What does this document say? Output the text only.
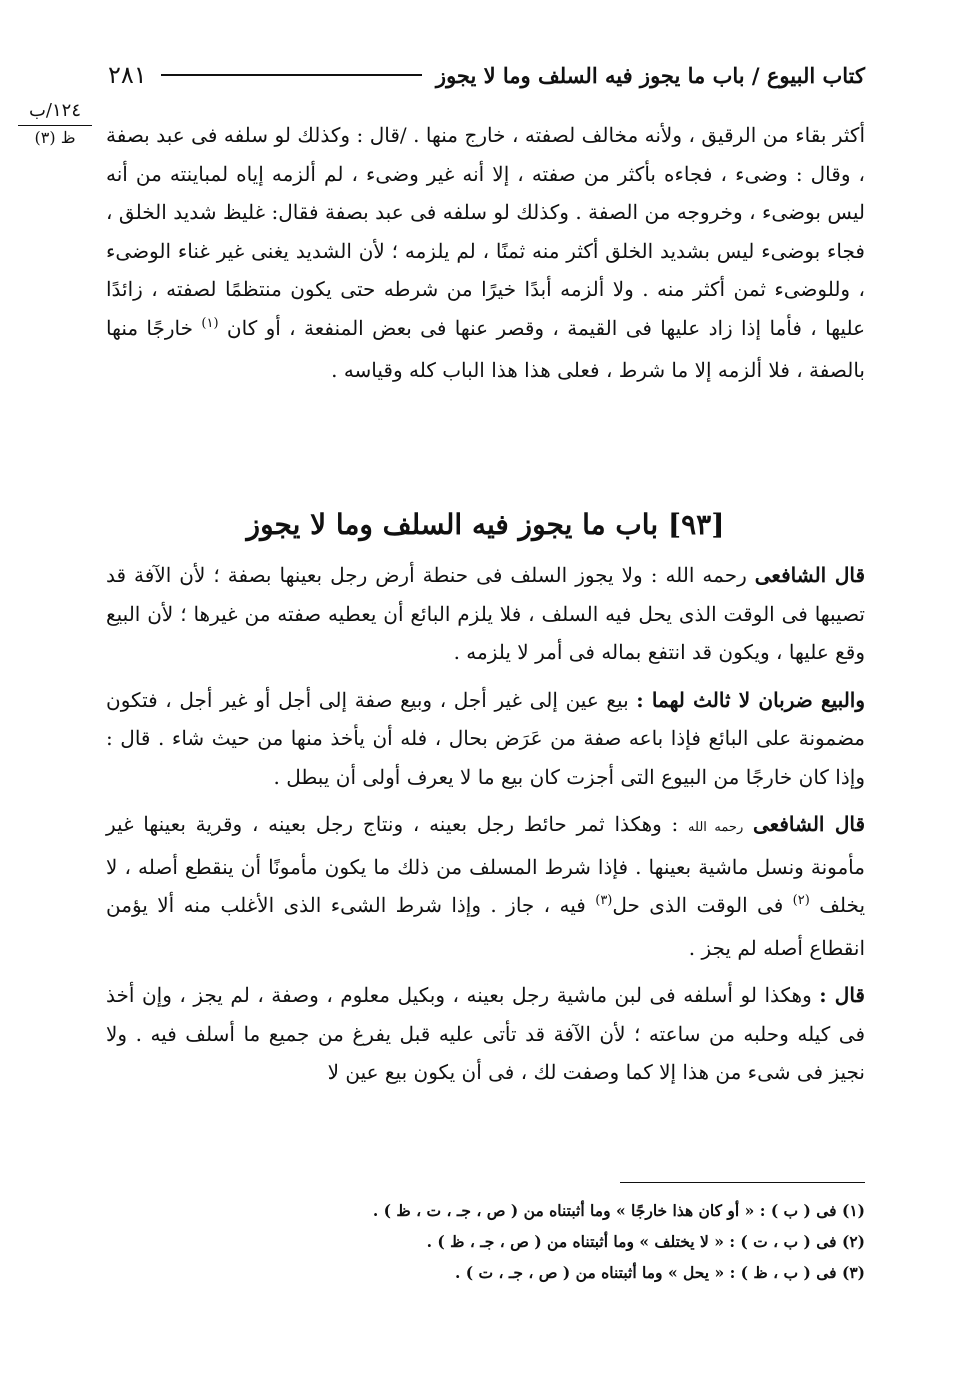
كتاب البيوع / باب ما يجوز فيه السلف وما لا يجوز
٢٨١
١٢٤/ب
ظ (٣)	أكثر بقاء من الرقيق ، ولأنه مخالف لصفته ، خارج منها . /قال : وكذلك لو سلفه فى عبد بصفة ، وقال : وضىء ، فجاءه بأكثر من صفته ، إلا أنه غير وضىء ، لم ألزمه إياه لمباينته من أنه ليس بوضىء ، وخروجه من الصفة . وكذلك لو سلفه فى عبد بصفة فقال: غليظ شديد الخلق ، فجاء بوضىء ليس بشديد الخلق أكثر منه ثمنًا ، لم يلزمه ؛ لأن الشديد يغنى غير غناء الوضىء ، وللوضىء ثمن أكثر منه . ولا ألزمه أبدًا خيرًا من شرطه حتى يكون منتظمًا لصفته ، زائدًا عليها ، فأما إذا زاد عليها فى القيمة ، وقصر عنها فى بعض المنفعة ، أو كان $^{(١)}$ خارجًا منها بالصفة ، فلا ألزمه إلا ما شرط ، فعلى هذا هذا الباب كله وقياسه .

[٩٣] باب ما يجوز فيه السلف وما لا يجوز

قال الشافعى رحمه الله : ولا يجوز السلف فى حنطة أرض رجل بعينها بصفة ؛ لأن الآفة قد تصيبها فى الوقت الذى يحل فيه السلف ، فلا يلزم البائع أن يعطيه صفته من غيرها ؛ لأن البيع وقع عليها ، ويكون قد انتفع بماله فى أمر لا يلزمه .

والبيع ضربان لا ثالث لهما : بيع عين إلى غير أجل ، وبيع صفة إلى أجل أو غير أجل ، فتكون مضمونة على البائع فإذا باعه صفة من عَرَض بحال ، فله أن يأخذ منها من حيث شاء . قال : وإذا كان خارجًا من البيوع التى أجزت كان بيع ما لا يعرف أولى أن يبطل .

قال الشافعى رحمه الله : وهكذا ثمر حائط رجل بعينه ، ونتاج رجل بعينه ، وقرية بعينها غير مأمونة ونسل ماشية بعينها . فإذا شرط المسلف من ذلك ما يكون مأمونًا أن ينقطع أصله ، لا يخلف $^{(٢)}$ فى الوقت الذى حل$^{(٣)}$ فيه ، جاز . وإذا شرط الشىء الذى الأغلب منه ألا يؤمن انقطاع أصله لم يجز .

قال : وهكذا لو أسلفه فى لبن ماشية رجل بعينه ، وبكيل معلوم ، وصفة ، لم يجز ، وإن أخذ فى كيله وحلبه من ساعته ؛ لأن الآفة قد تأتى عليه قبل يفرغ من جميع ما أسلف فيه . ولا نجيز فى شىء من هذا إلا كما وصفت لك ، فى أن يكون بيع عين لا

(١) فى ( ب ) : « أو كان هذا خارجًا » وما أثبتناه من ( ص ، جـ ، ت ، ظ ) .
(٢) فى ( ب ، ت ) : « لا يختلف » وما أثبتناه من ( ص ، جـ ، ظ ) .
(٣) فى ( ب ، ظ ) : « يحل » وما أثبتناه من ( ص ، جـ ، ت ) .
